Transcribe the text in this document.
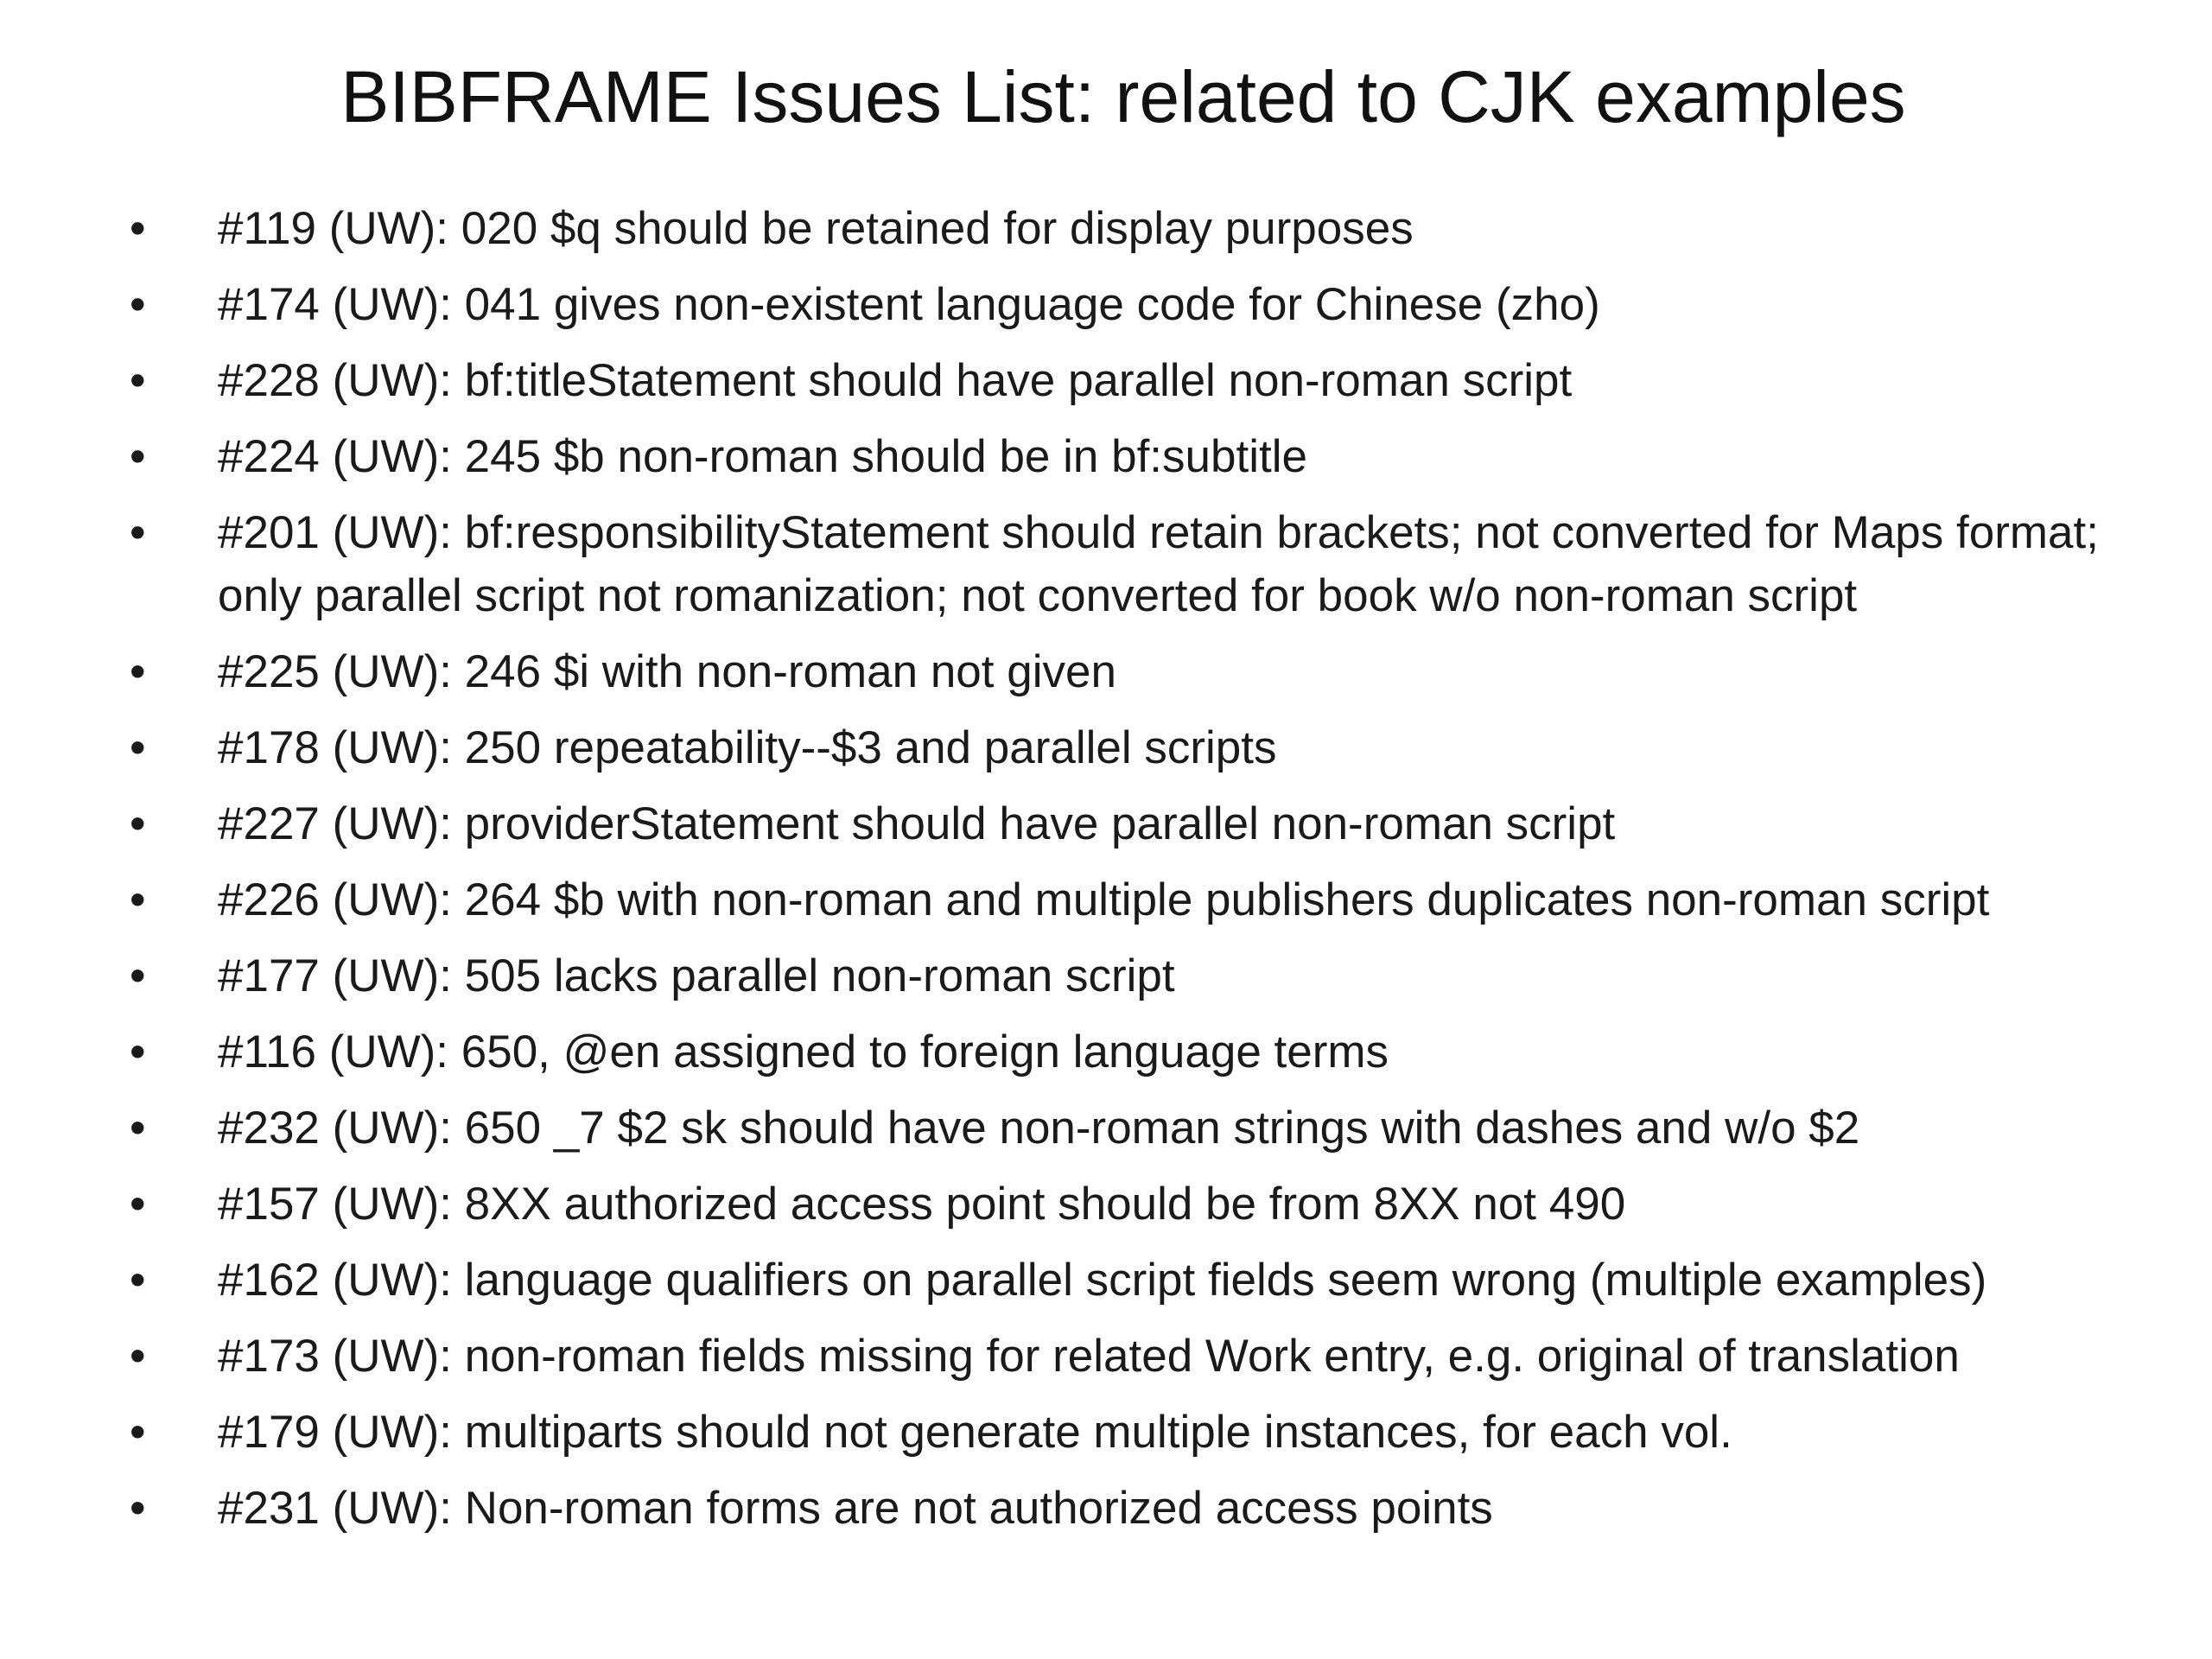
BIBFRAME Issues List: related to CJK examples
•	#119 (UW): 020 $q should be retained for display purposes
•	#174 (UW): 041 gives non-existent language code for Chinese (zho)
•	#228 (UW): bf:titleStatement should have parallel non-roman script
•	#224 (UW): 245 $b non-roman should be in bf:subtitle
•	#201 (UW): bf:responsibilityStatement should retain brackets; not converted for Maps format; only parallel script not romanization; not converted for book w/o non-roman script
•	#225 (UW): 246 $i with non-roman not given
•	#178 (UW): 250 repeatability--$3 and parallel scripts
•	#227 (UW): providerStatement should have parallel non-roman script
•	#226 (UW): 264 $b with non-roman and multiple publishers duplicates non-roman script
•	#177 (UW): 505 lacks parallel non-roman script
•	#116 (UW): 650, @en assigned to foreign language terms
•	#232 (UW): 650 _7 $2 sk should have non-roman strings with dashes and w/o $2
•	#157 (UW): 8XX authorized access point should be from 8XX not 490
•	#162 (UW): language qualifiers on parallel script fields seem wrong (multiple examples)
•	#173 (UW): non-roman fields missing for related Work entry, e.g. original of translation
•	#179 (UW): multiparts should not generate multiple instances, for each vol.
•	#231 (UW): Non-roman forms are not authorized access points
